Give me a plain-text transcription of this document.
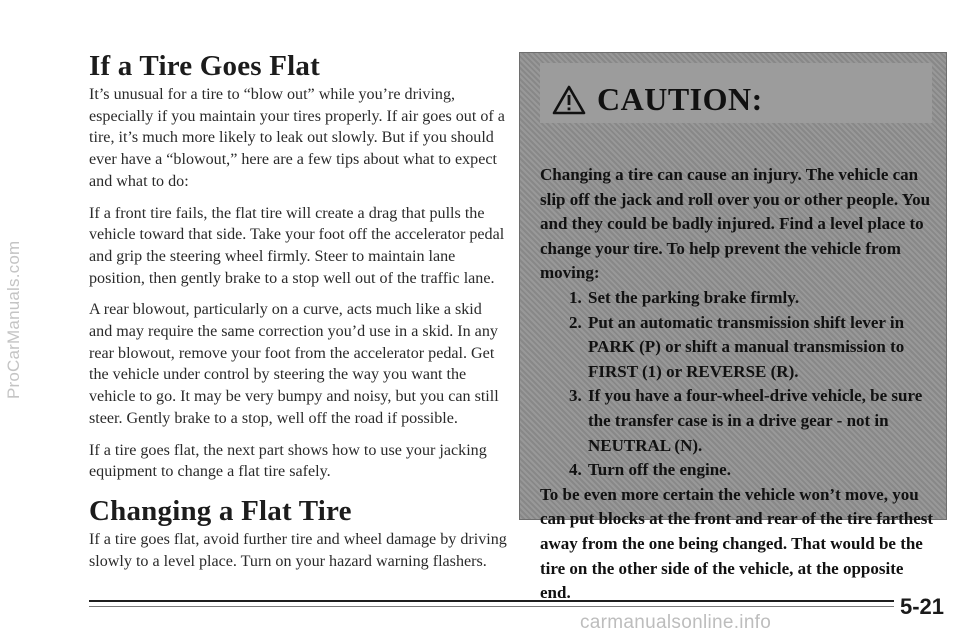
ProCarManuals.com
If a Tire Goes Flat

It’s unusual for a tire to “blow out” while you’re driving, especially if you maintain your tires properly. If air goes out of a tire, it’s much more likely to leak out slowly. But if you should ever have a “blowout,” here are a few tips about what to expect and what to do:

If a front tire fails, the flat tire will create a drag that pulls the vehicle toward that side. Take your foot off the accelerator pedal and grip the steering wheel firmly. Steer to maintain lane position, then gently brake to a stop well out of the traffic lane.

A rear blowout, particularly on a curve, acts much like a skid and may require the same correction you’d use in a skid. In any rear blowout, remove your foot from the accelerator pedal. Get the vehicle under control by steering the way you want the vehicle to go. It may be very bumpy and noisy, but you can still steer. Gently brake to a stop, well off the road if possible.

If a tire goes flat, the next part shows how to use your jacking equipment to change a flat tire safely.

Changing a Flat Tire

If a tire goes flat, avoid further tire and wheel damage by driving slowly to a level place. Turn on your hazard warning flashers.

CAUTION:

Changing a tire can cause an injury. The vehicle can slip off the jack and roll over you or other people. You and they could be badly injured. Find a level place to change your tire. To help prevent the vehicle from moving:

1. Set the parking brake firmly.
2. Put an automatic transmission shift lever in PARK (P) or shift a manual transmission to FIRST (1) or REVERSE (R).
3. If you have a four-wheel-drive vehicle, be sure the transfer case is in a drive gear - not in NEUTRAL (N).
4. Turn off the engine.

To be even more certain the vehicle won’t move, you can put blocks at the front and rear of the tire farthest away from the one being changed. That would be the tire on the other side of the vehicle, at the opposite end.

5-21
carmanualsonline.info
